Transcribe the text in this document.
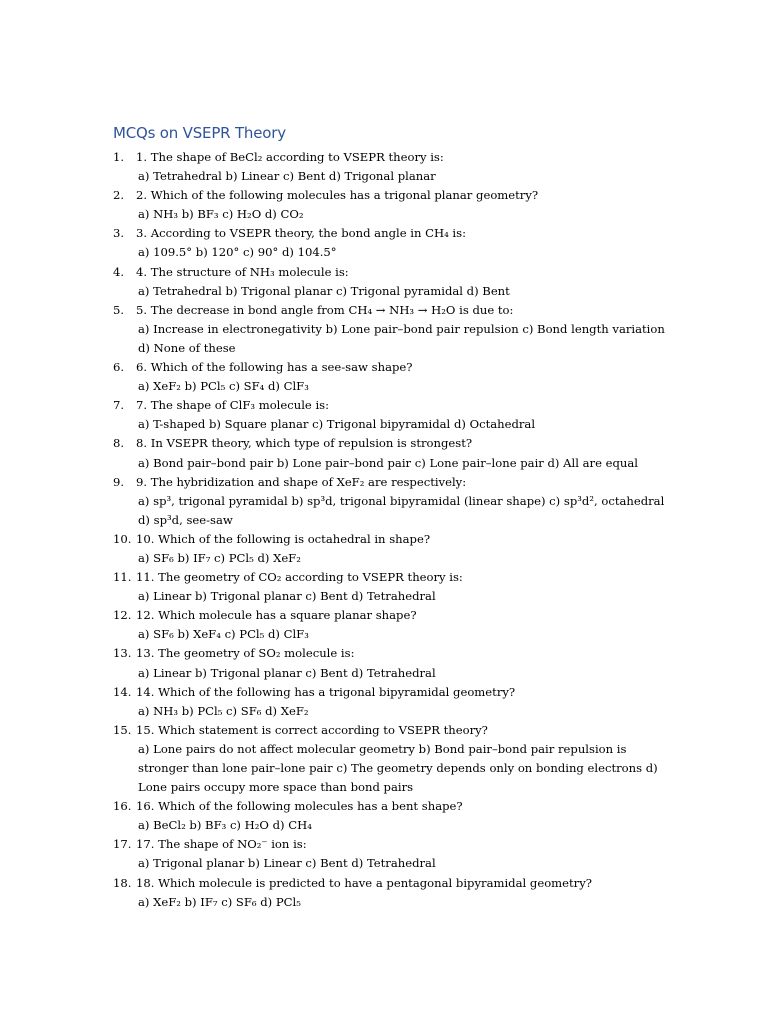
MCQs on VSEPR Theory
1. 1. The shape of BeCl₂ according to VSEPR theory is:
a) Tetrahedral b) Linear c) Bent d) Trigonal planar
2. 2. Which of the following molecules has a trigonal planar geometry?
a) NH₃ b) BF₃ c) H₂O d) CO₂
3. 3. According to VSEPR theory, the bond angle in CH₄ is:
a) 109.5° b) 120° c) 90° d) 104.5°
4. 4. The structure of NH₃ molecule is:
a) Tetrahedral b) Trigonal planar c) Trigonal pyramidal d) Bent
5. 5. The decrease in bond angle from CH₄ → NH₃ → H₂O is due to:
a) Increase in electronegativity b) Lone pair–bond pair repulsion c) Bond length variation d) None of these
6. 6. Which of the following has a see-saw shape?
a) XeF₂ b) PCl₅ c) SF₄ d) ClF₃
7. 7. The shape of ClF₃ molecule is:
a) T-shaped b) Square planar c) Trigonal bipyramidal d) Octahedral
8. 8. In VSEPR theory, which type of repulsion is strongest?
a) Bond pair–bond pair b) Lone pair–bond pair c) Lone pair–lone pair d) All are equal
9. 9. The hybridization and shape of XeF₂ are respectively:
a) sp³, trigonal pyramidal b) sp³d, trigonal bipyramidal (linear shape) c) sp³d², octahedral d) sp³d, see-saw
10. 10. Which of the following is octahedral in shape?
a) SF₆ b) IF₇ c) PCl₅ d) XeF₂
11. 11. The geometry of CO₂ according to VSEPR theory is:
a) Linear b) Trigonal planar c) Bent d) Tetrahedral
12. 12. Which molecule has a square planar shape?
a) SF₆ b) XeF₄ c) PCl₅ d) ClF₃
13. 13. The geometry of SO₂ molecule is:
a) Linear b) Trigonal planar c) Bent d) Tetrahedral
14. 14. Which of the following has a trigonal bipyramidal geometry?
a) NH₃ b) PCl₅ c) SF₆ d) XeF₂
15. 15. Which statement is correct according to VSEPR theory?
a) Lone pairs do not affect molecular geometry b) Bond pair–bond pair repulsion is stronger than lone pair–lone pair c) The geometry depends only on bonding electrons d) Lone pairs occupy more space than bond pairs
16. 16. Which of the following molecules has a bent shape?
a) BeCl₂ b) BF₃ c) H₂O d) CH₄
17. 17. The shape of NO₂⁻ ion is:
a) Trigonal planar b) Linear c) Bent d) Tetrahedral
18. 18. Which molecule is predicted to have a pentagonal bipyramidal geometry?
a) XeF₂ b) IF₇ c) SF₆ d) PCl₅
